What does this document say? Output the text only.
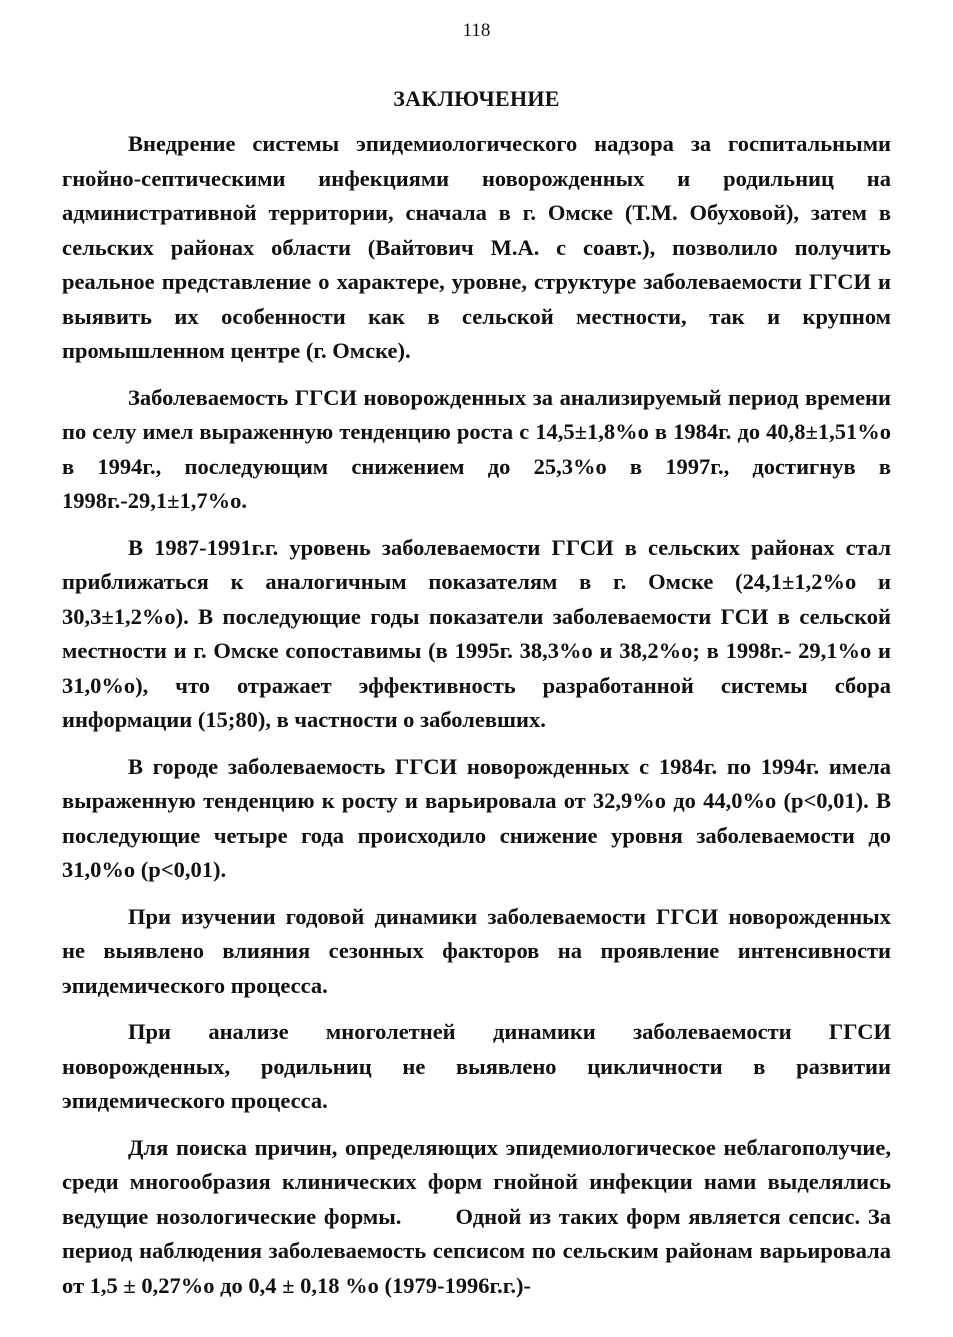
118
ЗАКЛЮЧЕНИЕ

Внедрение системы эпидемиологического надзора за госпитальными гнойно-септическими инфекциями новорожденных и родильниц на административной территории, сначала в г. Омске (Т.М. Обуховой), затем в сельских районах области (Вайтович М.А. с соавт.), позволило получить реальное представление о характере, уровне, структуре заболеваемости ГГСИ и выявить их особенности как в сельской местности, так и крупном промышленном центре (г. Омске).

Заболеваемость ГГСИ новорожденных за анализируемый период времени по селу имел выраженную тенденцию роста с 14,5±1,8%о в 1984г. до 40,8±1,51%о в 1994г., последующим снижением до 25,3%о в 1997г., достигнув в 1998г.-29,1±1,7%о.

В 1987-1991г.г. уровень заболеваемости ГГСИ в сельских районах стал приближаться к аналогичным показателям в г. Омске (24,1±1,2%о и 30,3±1,2%о). В последующие годы показатели заболеваемости ГСИ в сельской местности и г. Омске сопоставимы (в 1995г. 38,3%о и 38,2%о; в 1998г.- 29,1%о и 31,0%о), что отражает эффективность разработанной системы сбора информации (15;80), в частности о заболевших.

В городе заболеваемость ГГСИ новорожденных с 1984г. по 1994г. имела выраженную тенденцию к росту и варьировала от 32,9%о до 44,0%о (p<0,01). В последующие четыре года происходило снижение уровня заболеваемости до 31,0%о (p<0,01).

При изучении годовой динамики заболеваемости ГГСИ новорожденных не выявлено влияния сезонных факторов на проявление интенсивности эпидемического процесса.

При анализе многолетней динамики заболеваемости ГГСИ новорожденных, родильниц не выявлено цикличности в развитии эпидемического процесса.

Для поиска причин, определяющих эпидемиологическое неблагополучие, среди многообразия клинических форм гнойной инфекции нами выделялись ведущие нозологические формы.       Одной из таких форм является сепсис. За период наблюдения заболеваемость сепсисом по сельским районам варьировала от 1,5 ± 0,27%о до 0,4 ± 0,18 %о (1979-1996г.г.)-
